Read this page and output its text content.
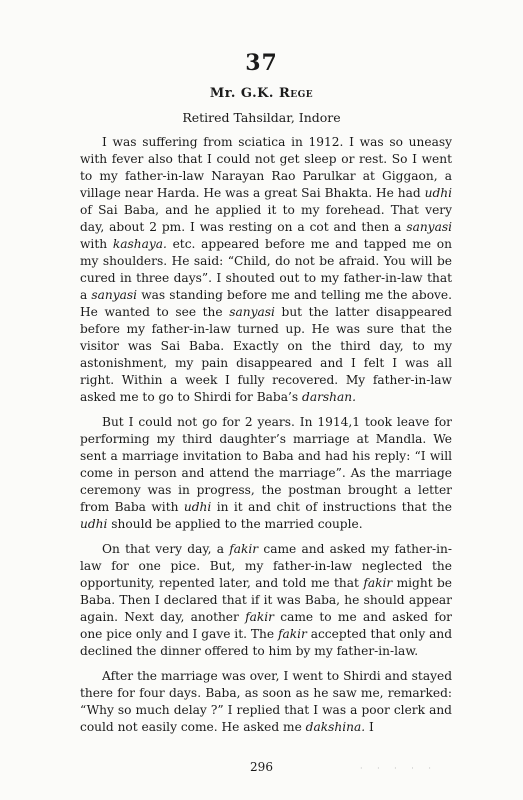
37
Mr. G.K. Rege
Retired Tahsildar, Indore

I was suffering from sciatica in 1912. I was so uneasy with fever also that I could not get sleep or rest. So I went to my father-in-law Narayan Rao Parulkar at Giggaon, a village near Harda. He was a great Sai Bhakta. He had udhi of Sai Baba, and he applied it to my forehead. That very day, about 2 pm. I was resting on a cot and then a sanyasi with kashaya. etc. appeared before me and tapped me on my shoulders. He said: “Child, do not be afraid. You will be cured in three days”. I shouted out to my father-in-law that a sanyasi was standing before me and telling me the above. He wanted to see the sanyasi but the latter disappeared before my father-in-law turned up. He was sure that the visitor was Sai Baba. Exactly on the third day, to my astonishment, my pain disappeared and I felt I was all right. Within a week I fully recovered. My father-in-law asked me to go to Shirdi for Baba’s darshan.

But I could not go for 2 years. In 1914,1 took leave for performing my third daughter’s marriage at Mandla. We sent a marriage invitation to Baba and had his reply: “I will come in person and attend the marriage”. As the marriage ceremony was in progress, the postman brought a letter from Baba with udhi in it and chit of instructions that the udhi should be applied to the married couple.

On that very day, a fakir came and asked my father-in-law for one pice. But, my father-in-law neglected the opportunity, repented later, and told me that fakir might be Baba. Then I declared that if it was Baba, he should appear again. Next day, another fakir came to me and asked for one pice only and I gave it. The fakir accepted that only and declined the dinner offered to him by my father-in-law.

After the marriage was over, I went to Shirdi and stayed there for four days. Baba, as soon as he saw me, remarked: “Why so much delay ?” I replied that I was a poor clerk and could not easily come. He asked me dakshina. I

296	· · · · ·
